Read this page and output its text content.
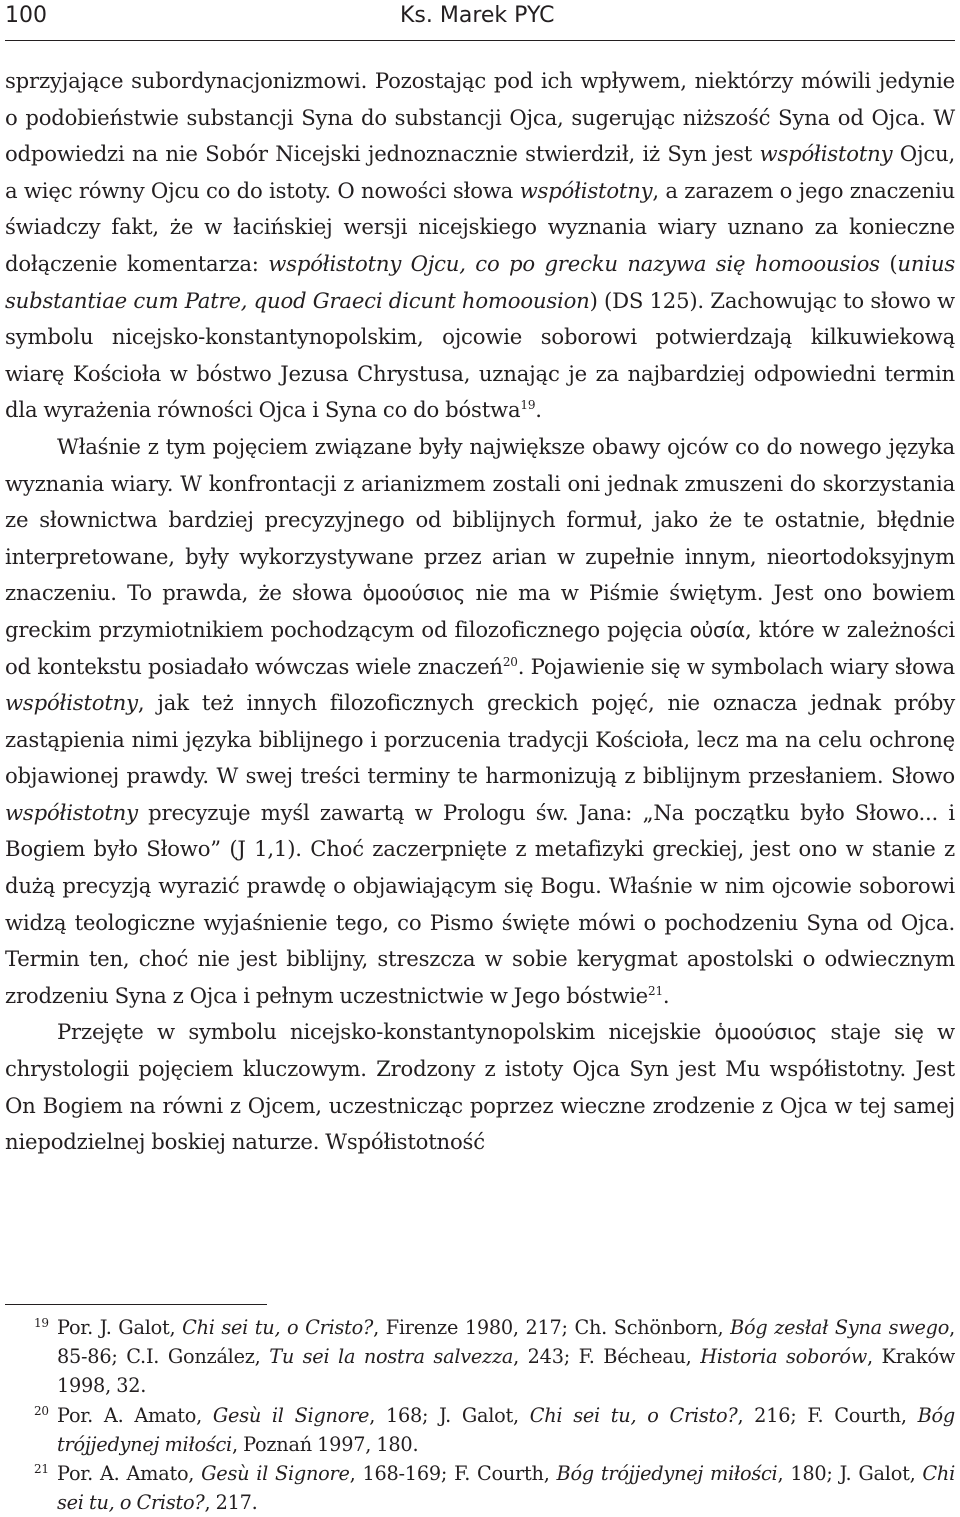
100	Ks. Marek PYC

sprzyjające subordynacjonizmowi. Pozostając pod ich wpływem, niektórzy mówili jedynie o podobieństwie substancji Syna do substancji Ojca, sugerując niższość Syna od Ojca. W odpowiedzi na nie Sobór Nicejski jednoznacznie stwierdził, iż Syn jest współistotny Ojcu, a więc równy Ojcu co do istoty. O nowości słowa współistotny, a zarazem o jego znaczeniu świadczy fakt, że w łacińskiej wersji nicejskiego wyznania wiary uznano za konieczne dołączenie komentarza: współistotny Ojcu, co po grecku nazywa się homoousios (unius substantiae cum Patre, quod Graeci dicunt homoousion) (DS 125). Zachowując to słowo w symbolu nicejsko-konstantynopolskim, ojcowie soborowi potwierdzają kilkuwiekową wiarę Kościoła w bóstwo Jezusa Chrystusa, uznając je za najbardziej odpowiedni termin dla wyrażenia równości Ojca i Syna co do bóstwa$^{19}$.

Właśnie z tym pojęciem związane były największe obawy ojców co do nowego języka wyznania wiary. W konfrontacji z arianizmem zostali oni jednak zmuszeni do skorzystania ze słownictwa bardziej precyzyjnego od biblijnych formuł, jako że te ostatnie, błędnie interpretowane, były wykorzystywane przez arian w zupełnie innym, nieortodoksyjnym znaczeniu. To prawda, że słowa ὁμοούσιος nie ma w Piśmie świętym. Jest ono bowiem greckim przymiotnikiem pochodzącym od filozoficznego pojęcia οὐσία, które w zależności od kontekstu posiadało wówczas wiele znaczeń$^{20}$. Pojawienie się w symbolach wiary słowa współistotny, jak też innych filozoficznych greckich pojęć, nie oznacza jednak próby zastąpienia nimi języka biblijnego i porzucenia tradycji Kościoła, lecz ma na celu ochronę objawionej prawdy. W swej treści terminy te harmonizują z biblijnym przesłaniem. Słowo współistotny precyzuje myśl zawartą w Prologu św. Jana: „Na początku było Słowo... i Bogiem było Słowo” (J 1,1). Choć zaczerpnięte z metafizyki greckiej, jest ono w stanie z dużą precyzją wyrazić prawdę o objawiającym się Bogu. Właśnie w nim ojcowie soborowi widzą teologiczne wyjaśnienie tego, co Pismo święte mówi o pochodzeniu Syna od Ojca. Termin ten, choć nie jest biblijny, streszcza w sobie kerygmat apostolski o odwiecznym zrodzeniu Syna z Ojca i pełnym uczestnictwie w Jego bóstwie$^{21}$.

Przejęte w symbolu nicejsko-konstantynopolskim nicejskie ὁμοούσιος staje się w chrystologii pojęciem kluczowym. Zrodzony z istoty Ojca Syn jest Mu współistotny. Jest On Bogiem na równi z Ojcem, uczestnicząc poprzez wieczne zrodzenie z Ojca w tej samej niepodzielnej boskiej naturze. Współistotność

19 Por. J. Galot, Chi sei tu, o Cristo?, Firenze 1980, 217; Ch. Schönborn, Bóg zesłał Syna swego, 85-86; C.I. González, Tu sei la nostra salvezza, 243; F. Bécheau, Historia soborów, Kraków 1998, 32.
20 Por. A. Amato, Gesù il Signore, 168; J. Galot, Chi sei tu, o Cristo?, 216; F. Courth, Bóg trójjedynej miłości, Poznań 1997, 180.
21 Por. A. Amato, Gesù il Signore, 168-169; F. Courth, Bóg trójjedynej miłości, 180; J. Galot, Chi sei tu, o Cristo?, 217.
